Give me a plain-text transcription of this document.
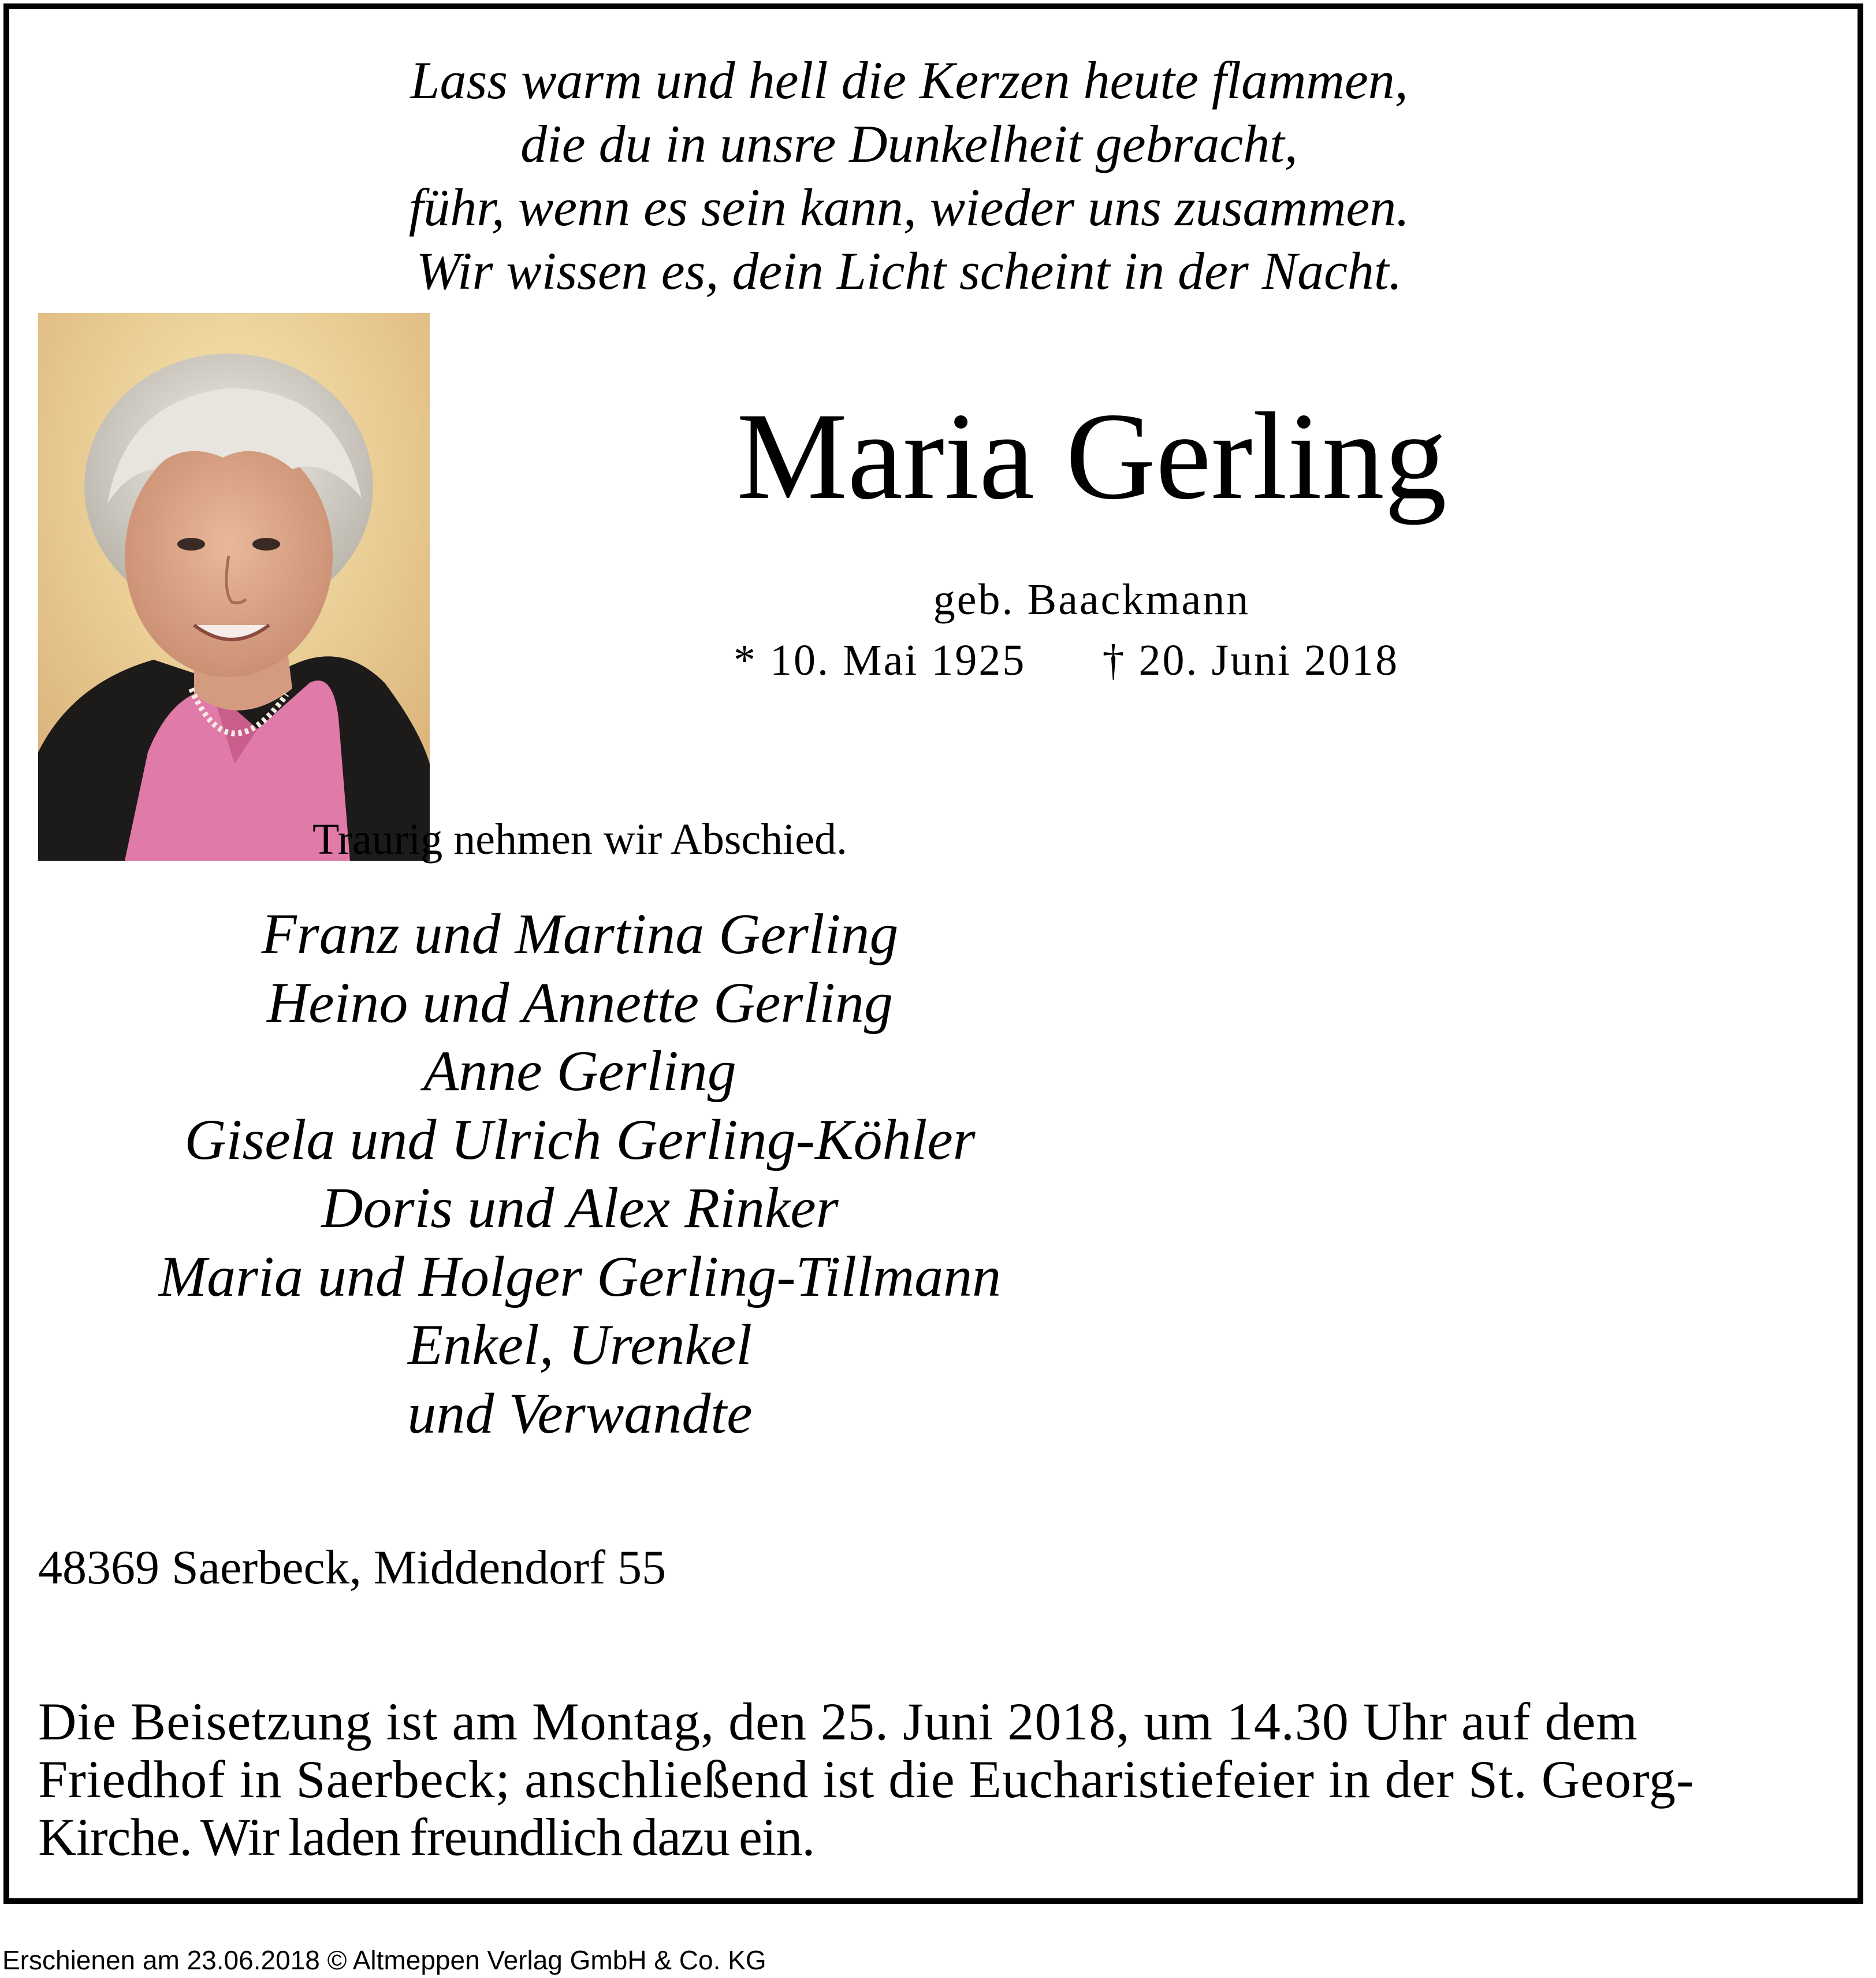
Lass warm und hell die Kerzen heute flammen,
die du in unsre Dunkelheit gebracht,
führ, wenn es sein kann, wieder uns zusammen.
Wir wissen es, dein Licht scheint in der Nacht.
Maria Gerling
geb. Baackmann
* 10. Mai 1925 † 20. Juni 2018
Traurig nehmen wir Abschied.
Franz und Martina Gerling
Heino und Annette Gerling
Anne Gerling
Gisela und Ulrich Gerling-Köhler
Doris und Alex Rinker
Maria und Holger Gerling-Tillmann
Enkel, Urenkel
und Verwandte
48369 Saerbeck, Middendorf 55
Die Beisetzung ist am Montag, den 25. Juni 2018, um 14.30 Uhr auf dem
Friedhof in Saerbeck; anschließend ist die Eucharistiefeier in der St. Georg-
Kirche. Wir laden freundlich dazu ein.
Erschienen am 23.06.2018 © Altmeppen Verlag GmbH & Co. KG
